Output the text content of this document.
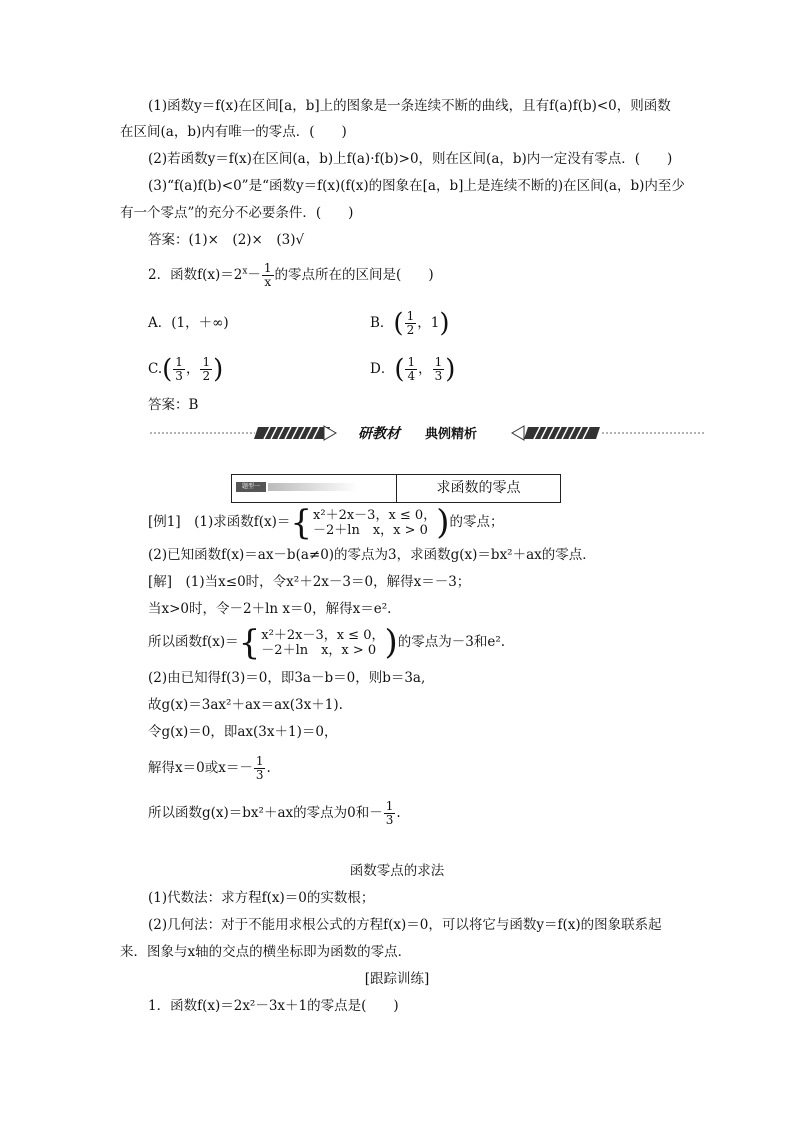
(1)函数y＝f(x)在区间[a，b]上的图象是一条连续不断的曲线，且有f(a)f(b)<0，则函数
在区间(a，b)内有唯一的零点．(　　)
(2)若函数y＝f(x)在区间(a，b)上f(a)·f(b)>0，则在区间(a，b)内一定没有零点．(　　)
(3)“f(a)f(b)<0”是“函数y＝f(x)(f(x)的图象在[a，b]上是连续不断的)在区间(a，b)内至少
有一个零点”的充分不必要条件．(　　)
答案：(1)×　(2)×　(3)√
2．函数$f(x)=2^x- \frac{1}{x}$ 的零点所在的区间是(　　)
A．(1，＋∞)	B．( $\frac{1}{2}$ ，1)
$C.( \frac{1}{3}$ ， $\frac{1}{2}$ )	D．( $\frac{1}{4}$ ， $\frac{1}{3}$ )
答案：B
研教材 典例精析
题型一	求函数的零点
[例1]　(1)求函数f(x)＝{ x²＋2x－3，x ≤ 0，
－2＋ln　x，x > 0 )的零点；
(2)已知函数f(x)＝ax－b(a≠0)的零点为3，求函数g(x)＝bx²＋ax的零点．
[解]　(1)当x≤0时，令x²＋2x－3＝0，解得x＝－3；
当x>0时，令－2＋ln x＝0，解得x＝e².
所以函数f(x)＝{ x²＋2x－3，x ≤ 0，
－2＋ln　x，x > 0 )的零点为－3和e².
(2)由已知得f(3)＝0，即3a－b＝0，则b＝3a,
故g(x)＝3ax²＋ax＝ax(3x＋1).
令g(x)＝0，即ax(3x＋1)＝0，
解得x＝0或$x=- \frac{1}{3}$ .
所以函数g(x)＝bx²＋ax的零点为0和－ $\frac{1}{3}$ .
函数零点的求法
(1)代数法：求方程f(x)＝0的实数根；
(2)几何法：对于不能用求根公式的方程f(x)＝0，可以将它与函数y＝f(x)的图象联系起
来．图象与x轴的交点的横坐标即为函数的零点．
[跟踪训练]
1．函数f(x)＝2x²－3x＋1的零点是(　　)
